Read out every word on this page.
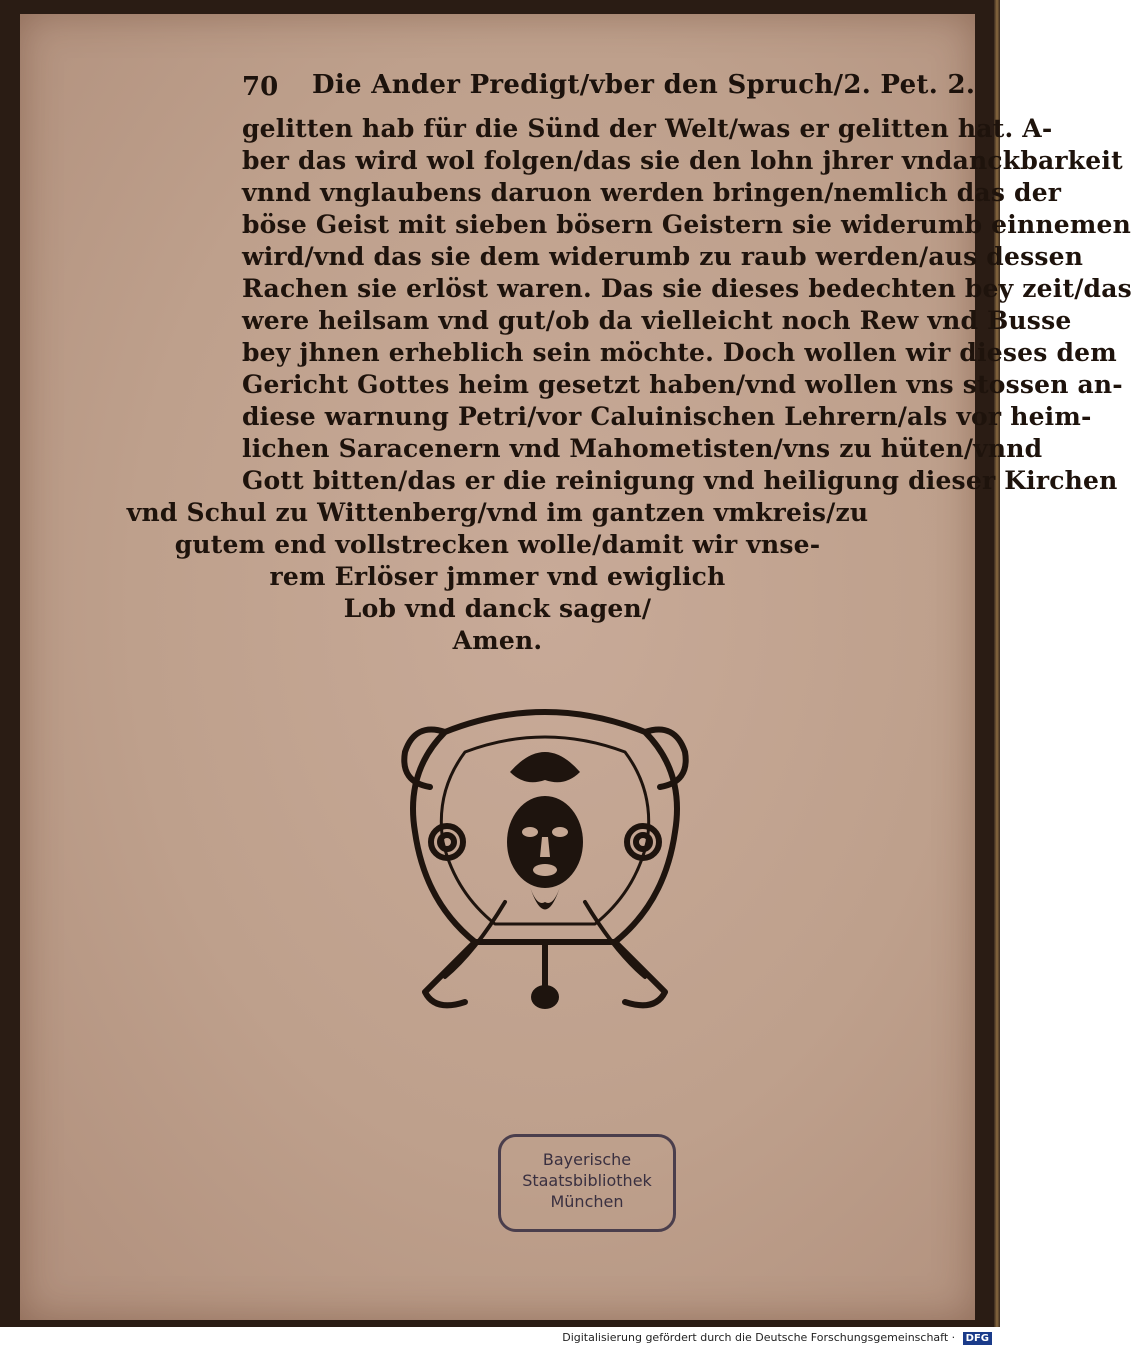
70 Die Ander Predigt/vber den Spruch/2. Pet. 2.
gelitten hab für die Sünd der Welt/was er gelitten hat. A-
ber das wird wol folgen/das sie den lohn jhrer vndanckbarkeit
vnnd vnglaubens daruon werden bringen/nemlich das der
böse Geist mit sieben bösern Geistern sie widerumb einnemen
wird/vnd das sie dem widerumb zu raub werden/aus dessen
Rachen sie erlöst waren. Das sie dieses bedechten bey zeit/das
were heilsam vnd gut/ob da vielleicht noch Rew vnd Busse
bey jhnen erheblich sein möchte. Doch wollen wir dieses dem
Gericht Gottes heim gesetzt haben/vnd wollen vns stossen an-
diese warnung Petri/vor Caluinischen Lehrern/als vor heim-
lichen Saracenern vnd Mahometisten/vns zu hüten/vnnd
Gott bitten/das er die reinigung vnd heiligung dieser Kirchen
vnd Schul zu Wittenberg/vnd im gantzen vmkreis/zu
gutem end vollstrecken wolle/damit wir vnse-
rem Erlöser jmmer vnd ewiglich
Lob vnd danck sagen/
Amen.
Bayerische
Staatsbibliothek
München
Digitalisierung gefördert durch die Deutsche Forschungsgemeinschaft · DFG
